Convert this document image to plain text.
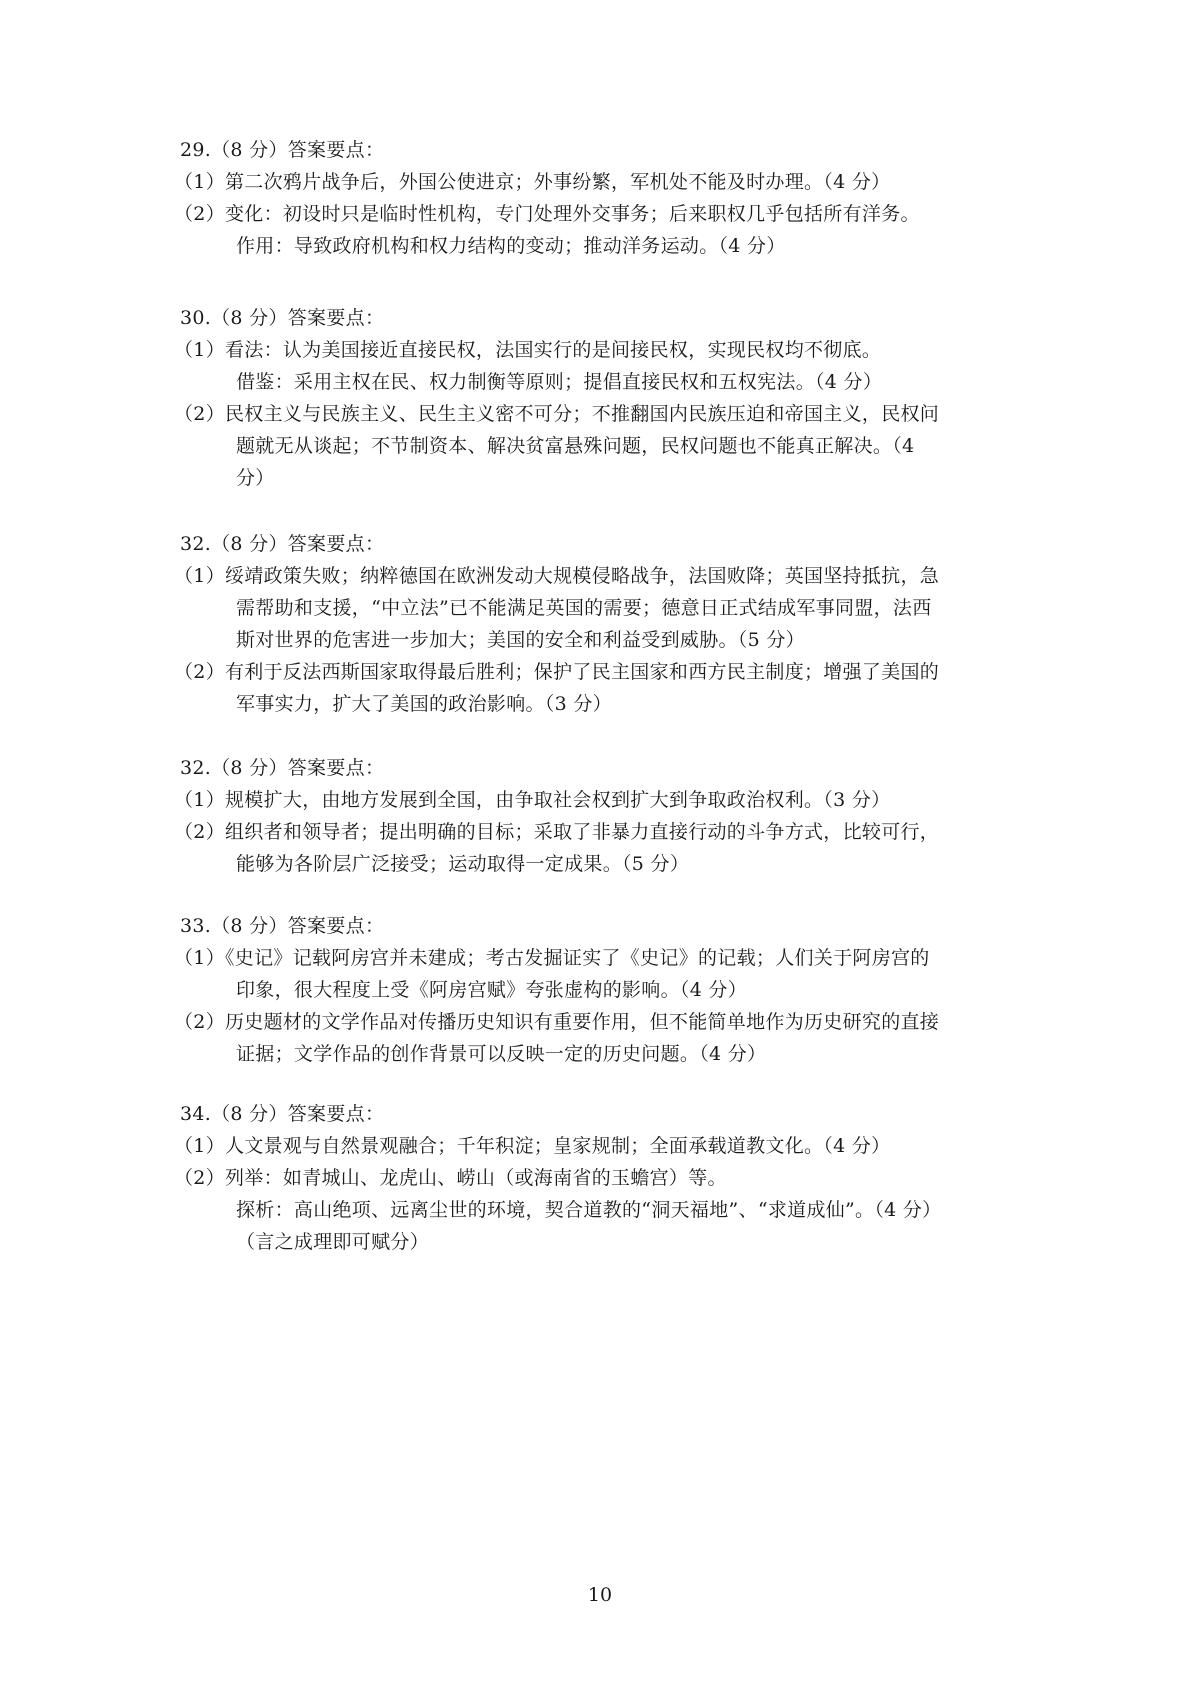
29.（8 分）答案要点：
（1）第二次鸦片战争后，外国公使进京；外事纷繁，军机处不能及时办理。（4 分）
（2）变化：初设时只是临时性机构，专门处理外交事务；后来职权几乎包括所有洋务。
作用：导致政府机构和权力结构的变动；推动洋务运动。（4 分）
30.（8 分）答案要点：
（1）看法：认为美国接近直接民权，法国实行的是间接民权，实现民权均不彻底。
借鉴：采用主权在民、权力制衡等原则；提倡直接民权和五权宪法。（4 分）
（2）民权主义与民族主义、民生主义密不可分；不推翻国内民族压迫和帝国主义，民权问
题就无从谈起；不节制资本、解决贫富悬殊问题，民权问题也不能真正解决。（4
分）
32.（8 分）答案要点：
（1）绥靖政策失败；纳粹德国在欧洲发动大规模侵略战争，法国败降；英国坚持抵抗，急
需帮助和支援，“中立法”已不能满足英国的需要；德意日正式结成军事同盟，法西
斯对世界的危害进一步加大；美国的安全和利益受到威胁。（5 分）
（2）有利于反法西斯国家取得最后胜利；保护了民主国家和西方民主制度；增强了美国的
军事实力，扩大了美国的政治影响。（3 分）
32.（8 分）答案要点：
（1）规模扩大，由地方发展到全国，由争取社会权到扩大到争取政治权利。（3 分）
（2）组织者和领导者；提出明确的目标；采取了非暴力直接行动的斗争方式，比较可行，
能够为各阶层广泛接受；运动取得一定成果。（5 分）
33.（8 分）答案要点：
（1）《史记》记载阿房宫并未建成；考古发掘证实了《史记》的记载；人们关于阿房宫的
印象，很大程度上受《阿房宫赋》夸张虚构的影响。（4 分）
（2）历史题材的文学作品对传播历史知识有重要作用，但不能简单地作为历史研究的直接
证据；文学作品的创作背景可以反映一定的历史问题。（4 分）
34.（8 分）答案要点：
（1）人文景观与自然景观融合；千年积淀；皇家规制；全面承载道教文化。（4 分）
（2）列举：如青城山、龙虎山、崂山（或海南省的玉蟾宫）等。
探析：高山绝项、远离尘世的环境，契合道教的“洞天福地”、“求道成仙”。（4 分）
（言之成理即可赋分）
10
